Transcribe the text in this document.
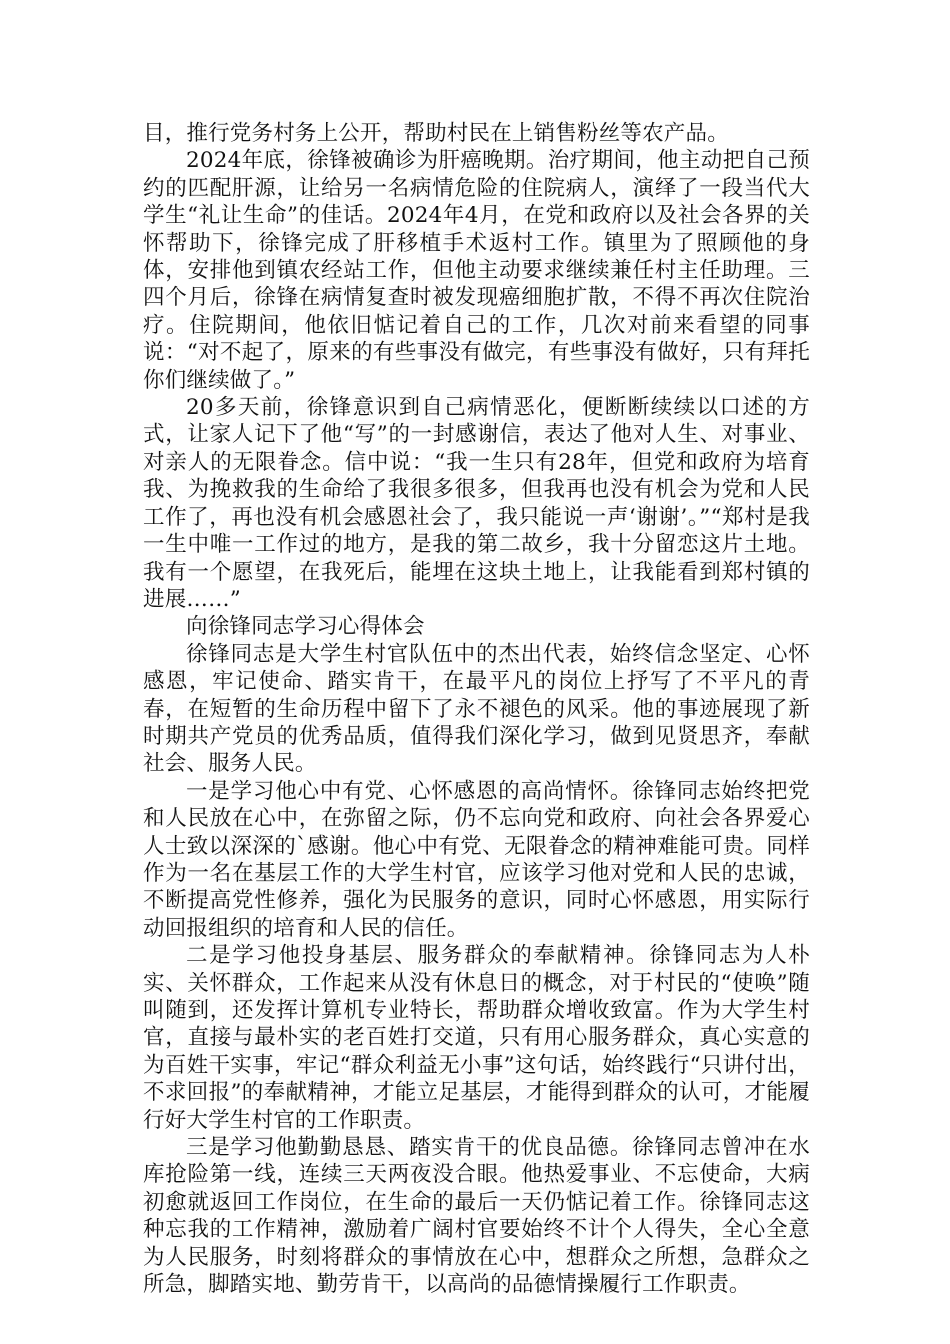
目，推行党务村务上公开，帮助村民在上销售粉丝等农产品。

2024年底，徐锋被确诊为肝癌晚期。治疗期间，他主动把自己预约的匹配肝源，让给另一名病情危险的住院病人，演绎了一段当代大学生“礼让生命”的佳话。2024年4月，在党和政府以及社会各界的关怀帮助下，徐锋完成了肝移植手术返村工作。镇里为了照顾他的身体，安排他到镇农经站工作，但他主动要求继续兼任村主任助理。三四个月后，徐锋在病情复查时被发现癌细胞扩散，不得不再次住院治疗。住院期间，他依旧惦记着自己的工作，几次对前来看望的同事说：“对不起了，原来的有些事没有做完，有些事没有做好，只有拜托你们继续做了。”

20多天前，徐锋意识到自己病情恶化，便断断续续以口述的方式，让家人记下了他“写”的一封感谢信，表达了他对人生、对事业、对亲人的无限眷念。信中说：“我一生只有28年，但党和政府为培育我、为挽救我的生命给了我很多很多，但我再也没有机会为党和人民工作了，再也没有机会感恩社会了，我只能说一声‘谢谢’。”“郑村是我一生中唯一工作过的地方，是我的第二故乡，我十分留恋这片土地。我有一个愿望，在我死后，能埋在这块土地上，让我能看到郑村镇的进展……”

向徐锋同志学习心得体会

徐锋同志是大学生村官队伍中的杰出代表，始终信念坚定、心怀感恩，牢记使命、踏实肯干，在最平凡的岗位上抒写了不平凡的青春，在短暂的生命历程中留下了永不褪色的风采。他的事迹展现了新时期共产党员的优秀品质，值得我们深化学习，做到见贤思齐，奉献社会、服务人民。

一是学习他心中有党、心怀感恩的高尚情怀。徐锋同志始终把党和人民放在心中，在弥留之际，仍不忘向党和政府、向社会各界爱心人士致以深深的`感谢。他心中有党、无限眷念的精神难能可贵。同样作为一名在基层工作的大学生村官，应该学习他对党和人民的忠诚，不断提高党性修养，强化为民服务的意识，同时心怀感恩，用实际行动回报组织的培育和人民的信任。

二是学习他投身基层、服务群众的奉献精神。徐锋同志为人朴实、关怀群众，工作起来从没有休息日的概念，对于村民的“使唤”随叫随到，还发挥计算机专业特长，帮助群众增收致富。作为大学生村官，直接与最朴实的老百姓打交道，只有用心服务群众，真心实意的为百姓干实事，牢记“群众利益无小事”这句话，始终践行“只讲付出，不求回报”的奉献精神，才能立足基层，才能得到群众的认可，才能履行好大学生村官的工作职责。

三是学习他勤勤恳恳、踏实肯干的优良品德。徐锋同志曾冲在水库抢险第一线，连续三天两夜没合眼。他热爱事业、不忘使命，大病初愈就返回工作岗位，在生命的最后一天仍惦记着工作。徐锋同志这种忘我的工作精神，激励着广阔村官要始终不计个人得失，全心全意为人民服务，时刻将群众的事情放在心中，想群众之所想，急群众之所急，脚踏实地、勤劳肯干，以高尚的品德情操履行工作职责。
